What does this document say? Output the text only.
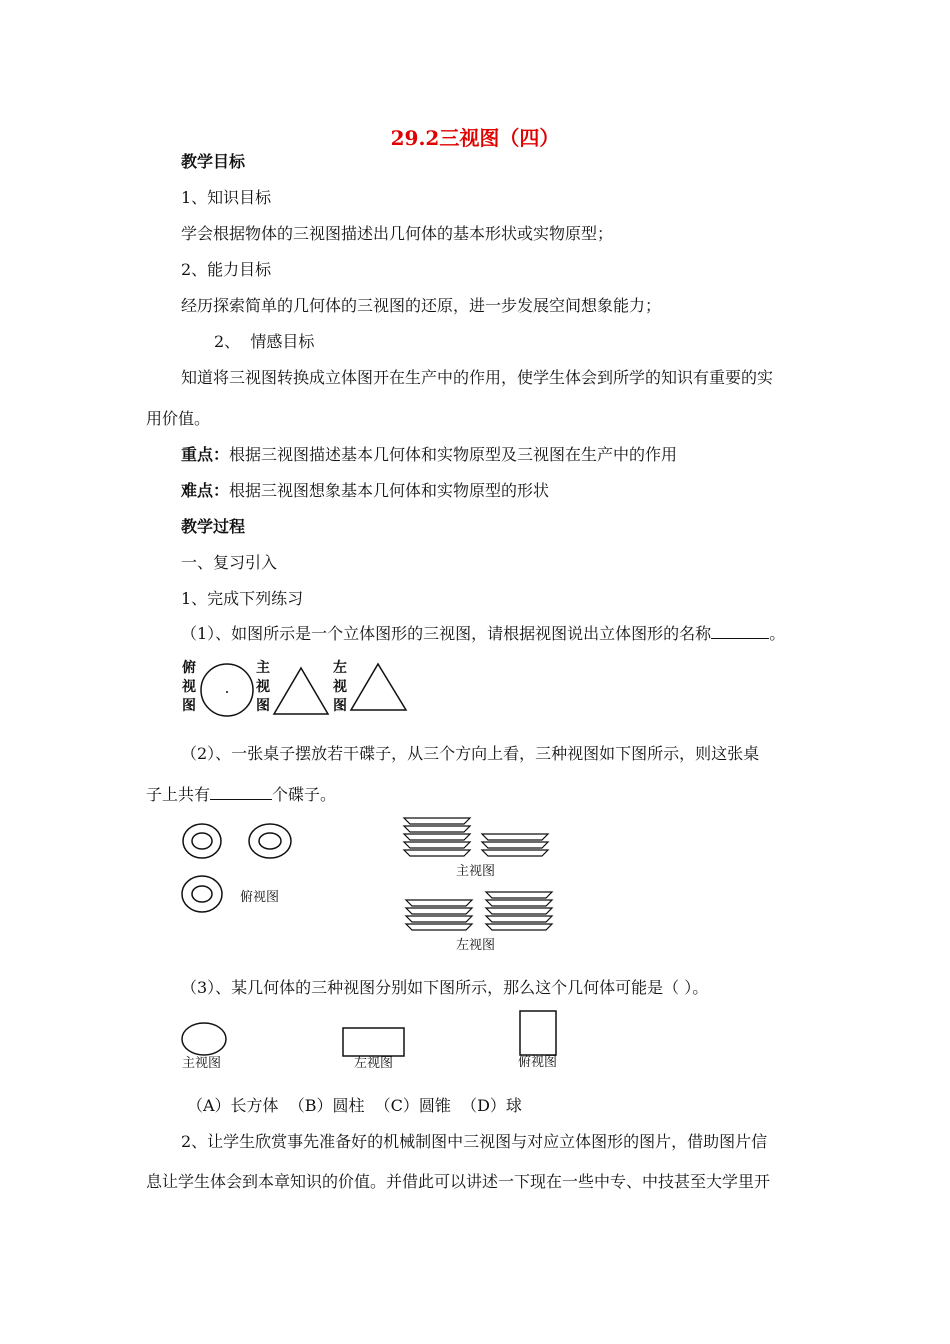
29.2三视图（四）
教学目标
1、知识目标
学会根据物体的三视图描述出几何体的基本形状或实物原型；
2、能力目标
经历探索简单的几何体的三视图的还原，进一步发展空间想象能力；
2、  情感目标
知道将三视图转换成立体图开在生产中的作用，使学生体会到所学的知识有重要的实
用价值。
重点：根据三视图描述基本几何体和实物原型及三视图在生产中的作用
难点：根据三视图想象基本几何体和实物原型的形状
教学过程
一、复习引入
1、完成下列练习
（1）、如图所示是一个立体图形的三视图，请根据视图说出立体图形的名称	。
俯
视
图
主
视
图
左
视
图
（2）、一张桌子摆放若干碟子，从三个方向上看，三种视图如下图所示，则这张桌
子上共有	个碟子。
俯视图
主视图
左视图
（3）、某几何体的三种视图分别如下图所示，那么这个几何体可能是（ ）。
主视图	左视图	俯视图
（A）长方体  （B）圆柱  （C）圆锥  （D）球
2、让学生欣赏事先准备好的机械制图中三视图与对应立体图形的图片，借助图片信
息让学生体会到本章知识的价值。并借此可以讲述一下现在一些中专、中技甚至大学里开
